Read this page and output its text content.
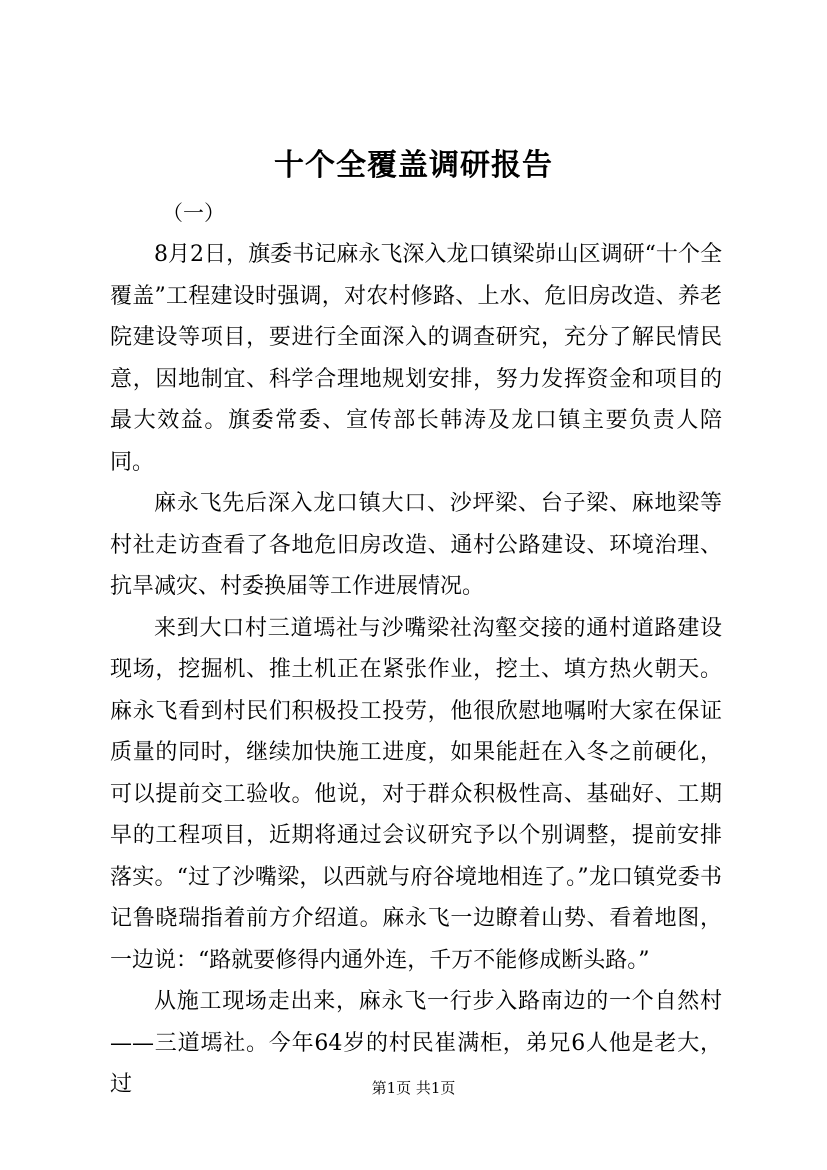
十个全覆盖调研报告
（一）

8月2日，旗委书记麻永飞深入龙口镇梁峁山区调研“十个全覆盖”工程建设时强调，对农村修路、上水、危旧房改造、养老院建设等项目，要进行全面深入的调查研究，充分了解民情民意，因地制宜、科学合理地规划安排，努力发挥资金和项目的最大效益。旗委常委、宣传部长韩涛及龙口镇主要负责人陪同。

麻永飞先后深入龙口镇大口、沙坪梁、台子梁、麻地梁等村社走访查看了各地危旧房改造、通村公路建设、环境治理、抗旱减灾、村委换届等工作进展情况。

来到大口村三道墕社与沙嘴梁社沟壑交接的通村道路建设现场，挖掘机、推土机正在紧张作业，挖土、填方热火朝天。麻永飞看到村民们积极投工投劳，他很欣慰地嘱咐大家在保证质量的同时，继续加快施工进度，如果能赶在入冬之前硬化，可以提前交工验收。他说，对于群众积极性高、基础好、工期早的工程项目，近期将通过会议研究予以个别调整，提前安排落实。“过了沙嘴梁，以西就与府谷境地相连了。”龙口镇党委书记鲁晓瑞指着前方介绍道。麻永飞一边瞭着山势、看着地图，一边说：“路就要修得内通外连，千万不能修成断头路。”

从施工现场走出来，麻永飞一行步入路南边的一个自然村——三道墕社。今年64岁的村民崔满柜，弟兄6人他是老大，过	第1页 共1页
